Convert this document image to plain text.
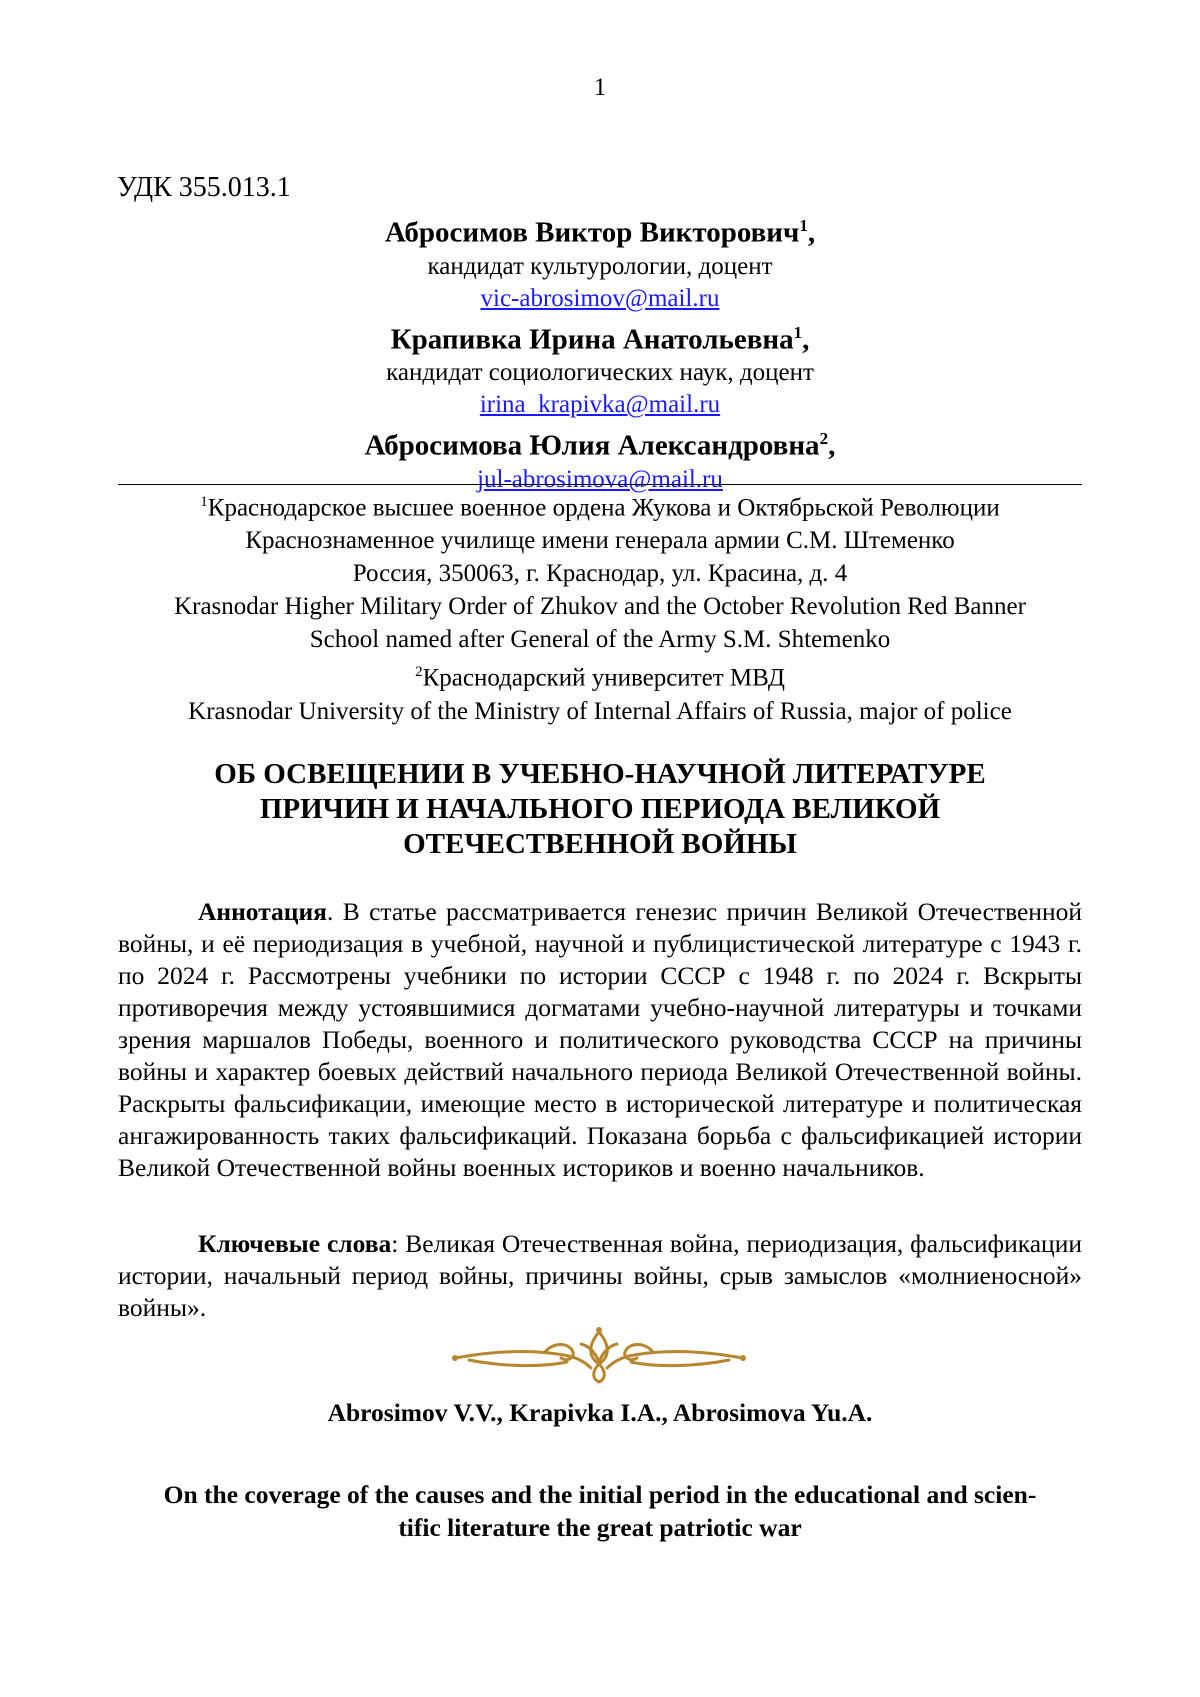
1
УДК 355.013.1
Абросимов Виктор Викторович$^1$,
кандидат культурологии, доцент
vic-abrosimov@mail.ru
Крапивка Ирина Анатольевна$^1$,
кандидат социологических наук, доцент
irina_krapivka@mail.ru
Абросимова Юлия Александровна$^2$,
jul-abrosimova@mail.ru
$^1$Краснодарское высшее военное ордена Жукова и Октябрьской Революции
Краснознаменное училище имени генерала армии С.М. Штеменко
Россия, 350063, г. Краснодар, ул. Красина, д. 4
Krasnodar Higher Military Order of Zhukov and the October Revolution Red Banner
School named after General of the Army S.M. Shtemenko
$^2$Краснодарский университет МВД
Krasnodar University of the Ministry of Internal Affairs of Russia, major of police
ОБ ОСВЕЩЕНИИ В УЧЕБНО-НАУЧНОЙ ЛИТЕРАТУРЕ
ПРИЧИН И НАЧАЛЬНОГО ПЕРИОДА ВЕЛИКОЙ
ОТЕЧЕСТВЕННОЙ ВОЙНЫ

Аннотация. В статье рассматривается генезис причин Великой Отечественной войны, и её периодизация в учебной, научной и публицистической литературе с 1943 г. по 2024 г. Рассмотрены учебники по истории СССР с 1948 г. по 2024 г. Вскрыты противоречия между устоявшимися догматами учебно-научной литературы и точками зрения маршалов Победы, военного и политического руководства СССР на причины войны и характер боевых действий начального периода Великой Отечественной войны. Раскрыты фальсификации, имеющие место в исторической литературе и политическая ангажированность таких фальсификаций. Показана борьба с фальсификацией истории Великой Отечественной войны военных историков и военно начальников.

Ключевые слова: Великая Отечественная война, периодизация, фальсификации истории, начальный период войны, причины войны, срыв замыслов «молниеносной» войны».

Abrosimov V.V., Krapivka I.A., Abrosimova Yu.A.
On the coverage of the causes and the initial period in the educational and scien-
tific literature the great patriotic war
